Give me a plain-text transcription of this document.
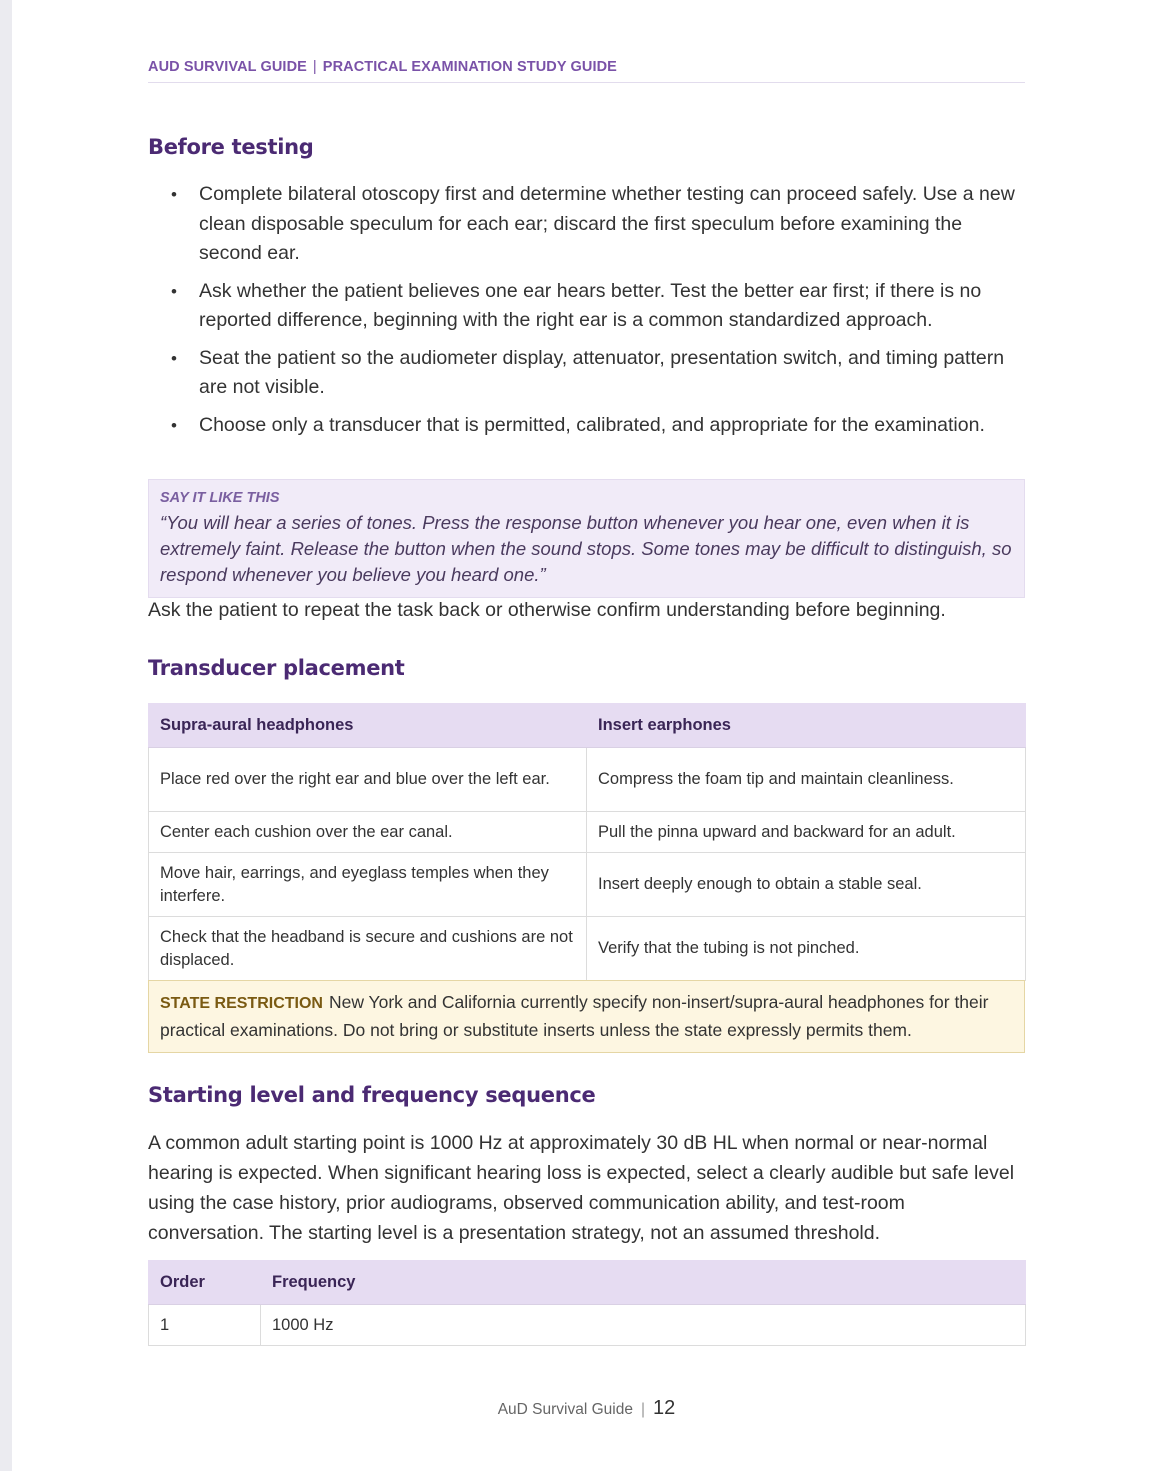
AUD SURVIVAL GUIDE | PRACTICAL EXAMINATION STUDY GUIDE
Before testing
• Complete bilateral otoscopy first and determine whether testing can proceed safely. Use a new clean disposable speculum for each ear; discard the first speculum before examining the second ear.
• Ask whether the patient believes one ear hears better. Test the better ear first; if there is no reported difference, beginning with the right ear is a common standardized approach.
• Seat the patient so the audiometer display, attenuator, presentation switch, and timing pattern are not visible.
• Choose only a transducer that is permitted, calibrated, and appropriate for the examination.
SAY IT LIKE THIS
“You will hear a series of tones. Press the response button whenever you hear one, even when it is extremely faint. Release the button when the sound stops. Some tones may be difficult to distinguish, so respond whenever you believe you heard one.”

Ask the patient to repeat the task back or otherwise confirm understanding before beginning.

Transducer placement
Supra-aural headphones	Insert earphones
Place red over the right ear and blue over the left ear.	Compress the foam tip and maintain cleanliness.
Center each cushion over the ear canal.	Pull the pinna upward and backward for an adult.
Move hair, earrings, and eyeglass temples when they interfere.	Insert deeply enough to obtain a stable seal.
Check that the headband is secure and cushions are not displaced.	Verify that the tubing is not pinched.
STATE RESTRICTION New York and California currently specify non-insert/supra-aural headphones for their practical examinations. Do not bring or substitute inserts unless the state expressly permits them.
Starting level and frequency sequence

A common adult starting point is 1000 Hz at approximately 30 dB HL when normal or near-normal hearing is expected. When significant hearing loss is expected, select a clearly audible but safe level using the case history, prior audiograms, observed communication ability, and test-room conversation. The starting level is a presentation strategy, not an assumed threshold.

Order	Frequency
1	1000 Hz
AuD Survival Guide | 12
